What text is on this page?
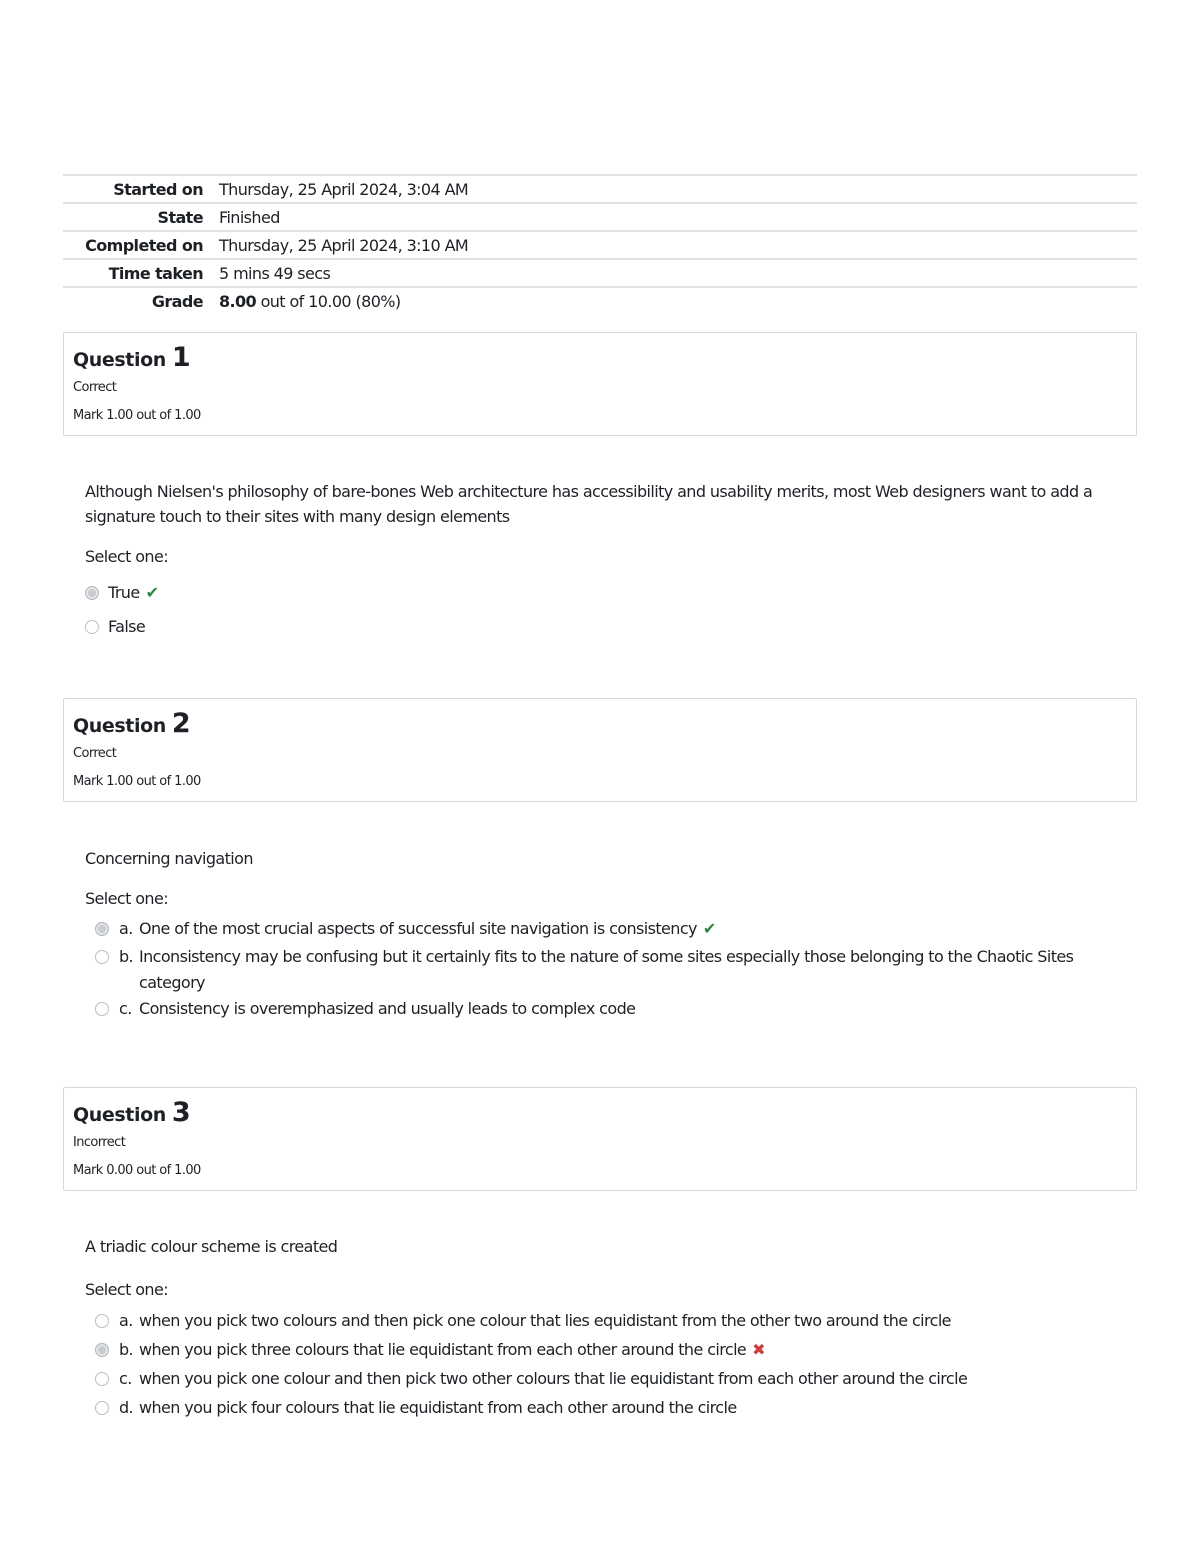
Started on	Thursday, 25 April 2024, 3:04 AM
State	Finished
Completed on	Thursday, 25 April 2024, 3:10 AM
Time taken	5 mins 49 secs
Grade	8.00 out of 10.00 (80%)
Question 1
Correct
Mark 1.00 out of 1.00

Although Nielsen's philosophy of bare-bones Web architecture has accessibility and usability merits, most Web designers want to add a signature touch to their sites with many design elements

Select one:
True ✔
False
Question 2
Correct
Mark 1.00 out of 1.00

Concerning navigation

Select one:
a. One of the most crucial aspects of successful site navigation is consistency ✔
b. Inconsistency may be confusing but it certainly fits to the nature of some sites especially those belonging to the Chaotic Sites category
c. Consistency is overemphasized and usually leads to complex code
Question 3
Incorrect
Mark 0.00 out of 1.00

A triadic colour scheme is created

Select one:
a. when you pick two colours and then pick one colour that lies equidistant from the other two around the circle
b. when you pick three colours that lie equidistant from each other around the circle ✖
c. when you pick one colour and then pick two other colours that lie equidistant from each other around the circle
d. when you pick four colours that lie equidistant from each other around the circle
